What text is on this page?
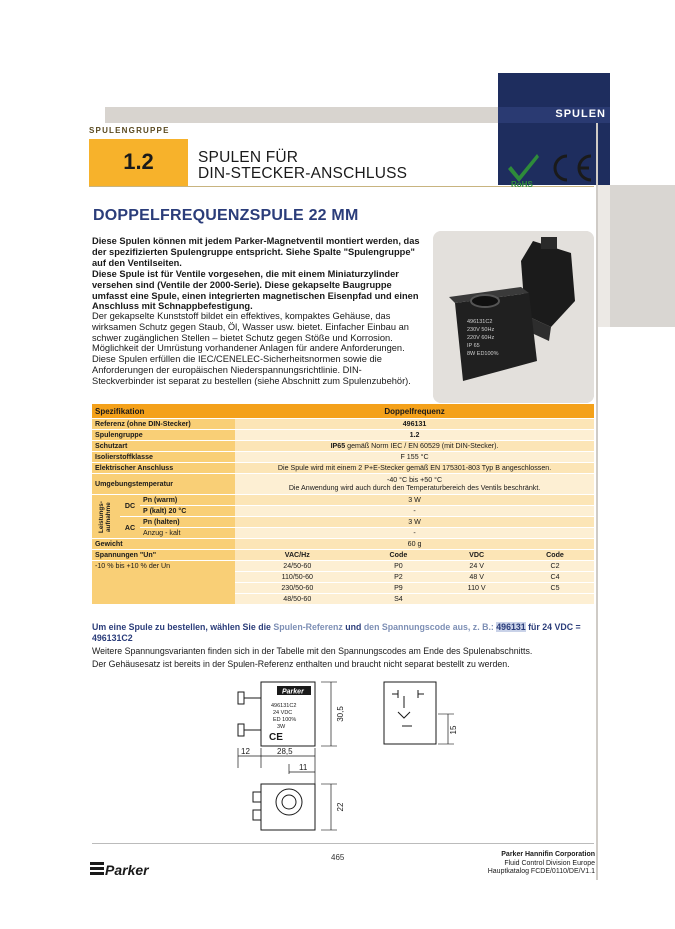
SPULEN
SPULENGRUPPE
1.2	SPULEN FÜR
DIN-STECKER-ANSCHLUSS
RoHS
DOPPELFREQUENZSPULE 22 MM

Diese Spulen können mit jedem Parker-Magnetventil montiert werden, das der spezifizierten Spulengruppe entspricht. Siehe Spalte "Spulengruppe" auf den Ventilseiten.

Diese Spule ist für Ventile vorgesehen, die mit einem Miniaturzylinder versehen sind (Ventile der 2000-Serie). Diese gekapselte Baugruppe umfasst eine Spule, einen integrierten magnetischen Eisenpfad und einen Anschluss mit Schnappbefestigung.

Der gekapselte Kunststoff bildet ein effektives, kompaktes Gehäuse, das wirksamen Schutz gegen Staub, Öl, Wasser usw. bietet. Einfacher Einbau an schwer zugänglichen Stellen – bietet Schutz gegen Stöße und Korrosion. Möglichkeit der Umrüstung vorhandener Anlagen für andere Anforderungen. Diese Spulen erfüllen die IEC/CENELEC-Sicherheitsnormen sowie die Anforderungen der europäischen Niederspannungsrichtlinie. DIN-Steckverbinder ist separat zu bestellen (siehe Abschnitt zum Spulenzubehör).

496131C2
230V 50Hz
220V 60Hz
IP 65
8W ED100%
Spezifikation			Doppelfrequenz			
Referenz (ohne DIN-Stecker)			496131			
Spulengruppe			1.2			
Schutzart			IP65 gemäß Norm IEC / EN 60529 (mit DIN-Stecker).			
Isolierstoffklasse			F 155 °C			
Elektrischer Anschluss			Die Spule wird mit einem 2 P+E-Stecker gemäß EN 175301-803 Typ B angeschlossen.			
Umgebungstemperatur			-40 °C bis +50 °C
Die Anwendung wird auch durch den Temperaturbereich des Ventils beschränkt.			

Leistungs-aufnahme	DC	Pn (warm)	3 W			
		P (kalt) 20 °C	-			
	AC	Pn (halten)	3 W			
		Anzug - kalt	-			
Gewicht			60 g			
Spannungen "Un"			VAC/Hz	Code	VDC	Code
-10 % bis +10 % der Un			24/50-60	P0	24 V	C2
			110/50-60	P2	48 V	C4
			230/50-60	P9	110 V	C5
			48/50-60	S4		
Um eine Spule zu bestellen, wählen Sie die Spulen-Referenz und den Spannungscode aus, z. B.: 496131 für 24 VDC = 496131C2
Weitere Spannungsvarianten finden sich in der Tabelle mit den Spannungscodes am Ende des Spulenabschnitts.
Der Gehäusesatz ist bereits in der Spulen-Referenz enthalten und braucht nicht separat bestellt zu werden.
Parker
496131C2
24 VDC
ED 100%
3W
CE
30,5
15
12	28,5
11
22
Parker
465	Parker Hannifin Corporation
Fluid Control Division Europe
Hauptkatalog FCDE/0110/DE/V1.1
